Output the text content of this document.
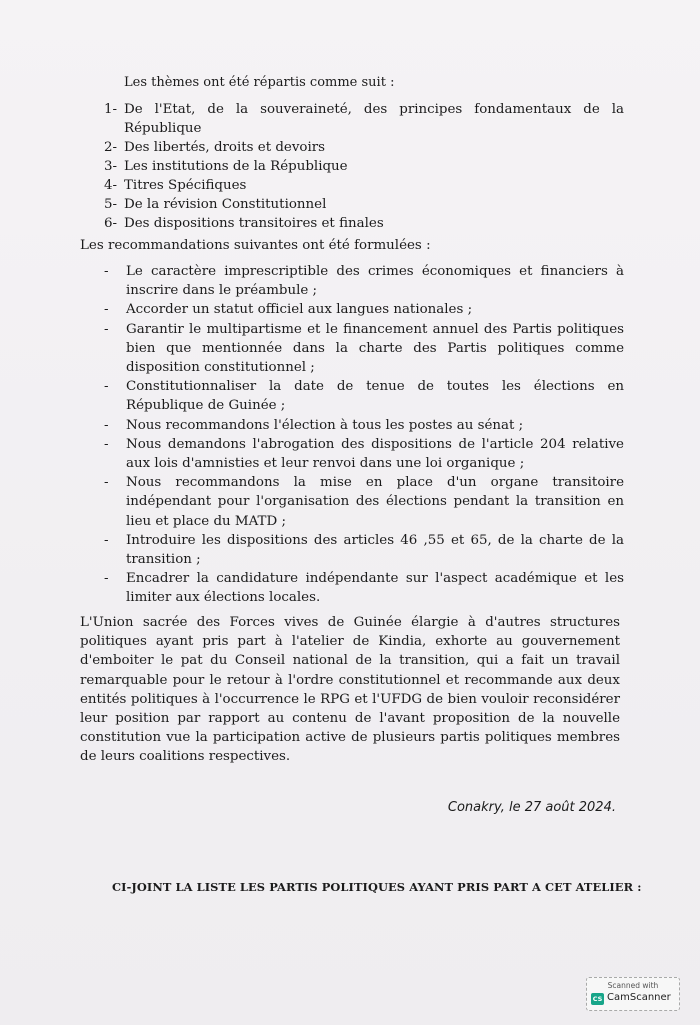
Les thèmes ont été répartis comme suit :
1- De l'Etat, de la souveraineté, des principes fondamentaux de la République
2- Des libertés, droits et devoirs
3- Les institutions de la République
4- Titres Spécifiques
5- De la révision Constitutionnel
6- Des dispositions transitoires et finales
Les recommandations suivantes ont été formulées :
-	Le caractère imprescriptible des crimes économiques et financiers à inscrire dans le préambule ;
-	Accorder un statut officiel aux langues nationales ;
-	Garantir le multipartisme et le financement annuel des Partis politiques bien que mentionnée dans la charte des Partis politiques comme disposition constitutionnel ;
-	Constitutionnaliser la date de tenue de toutes les élections en République de Guinée ;
-	Nous recommandons l'élection à tous les postes au sénat ;
-	Nous demandons l'abrogation des dispositions de l'article 204 relative aux lois d'amnisties et leur renvoi dans une loi organique ;
-	Nous recommandons la mise en place d'un organe transitoire indépendant pour l'organisation des élections pendant la transition en lieu et place du MATD ;
-	Introduire les dispositions des articles 46 ,55 et 65, de la charte de la transition ;
-	Encadrer la candidature indépendante sur l'aspect académique et les limiter aux élections locales.
L'Union sacrée des Forces vives de Guinée élargie à d'autres structures politiques ayant pris part à l'atelier de Kindia, exhorte au gouvernement d'emboiter le pat du Conseil national de la transition, qui a fait un travail remarquable pour le retour à l'ordre constitutionnel et recommande aux deux entités politiques à l'occurrence le RPG et l'UFDG de bien vouloir reconsidérer leur position par rapport au contenu de l'avant proposition de la nouvelle constitution vue la participation active de plusieurs partis politiques membres de leurs coalitions respectives.
Conakry, le 27 août 2024.
CI-JOINT LA LISTE LES PARTIS POLITIQUES AYANT PRIS PART A CET ATELIER :
Scanned with
CS CamScanner
